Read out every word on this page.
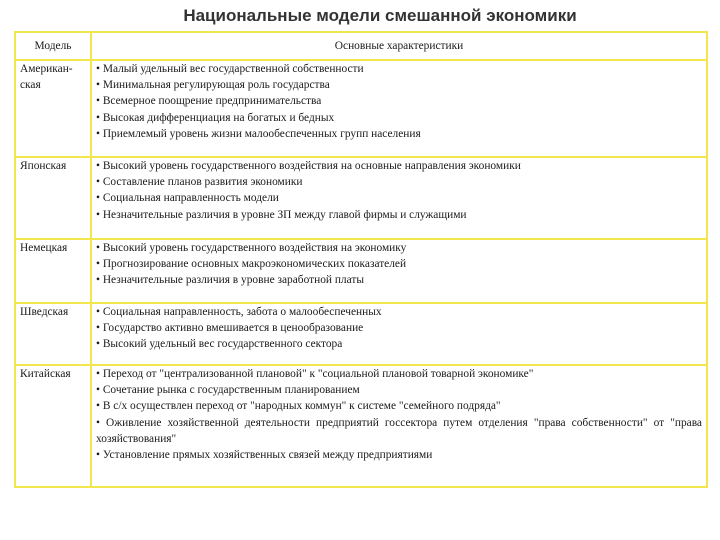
Национальные модели смешанной экономики
Модель	Основные характеристики
Американ-ская	• Малый удельный вес государственной собственности
• Минимальная регулирующая роль государства
• Всемерное поощрение предпринимательства
• Высокая дифференциация на богатых и бедных
• Приемлемый уровень жизни малообеспеченных групп населения

Японская	• Высокий уровень государственного воздействия на основные направления экономики
• Составление планов развития экономики
• Социальная направленность модели
• Незначительные различия в уровне ЗП между главой фирмы и служащими

Немецкая	• Высокий уровень государственного воздействия на экономику
• Прогнозирование основных макроэкономических показателей
• Незначительные различия в уровне заработной платы

Шведская	• Социальная направленность, забота о малообеспеченных
• Государство активно вмешивается в ценообразование
• Высокий удельный вес государственного сектора

Китайская	• Переход от "централизованной плановой" к "социальной плановой товарной экономике"
• Сочетание рынка с государственным планированием
• В с/х осуществлен переход от "народных коммун" к системе "семейного подряда"
• Оживление хозяйственной деятельности предприятий госсектора путем отделения "права собственности" от "права хозяйствования"
• Установление прямых хозяйственных связей между предприятиями
